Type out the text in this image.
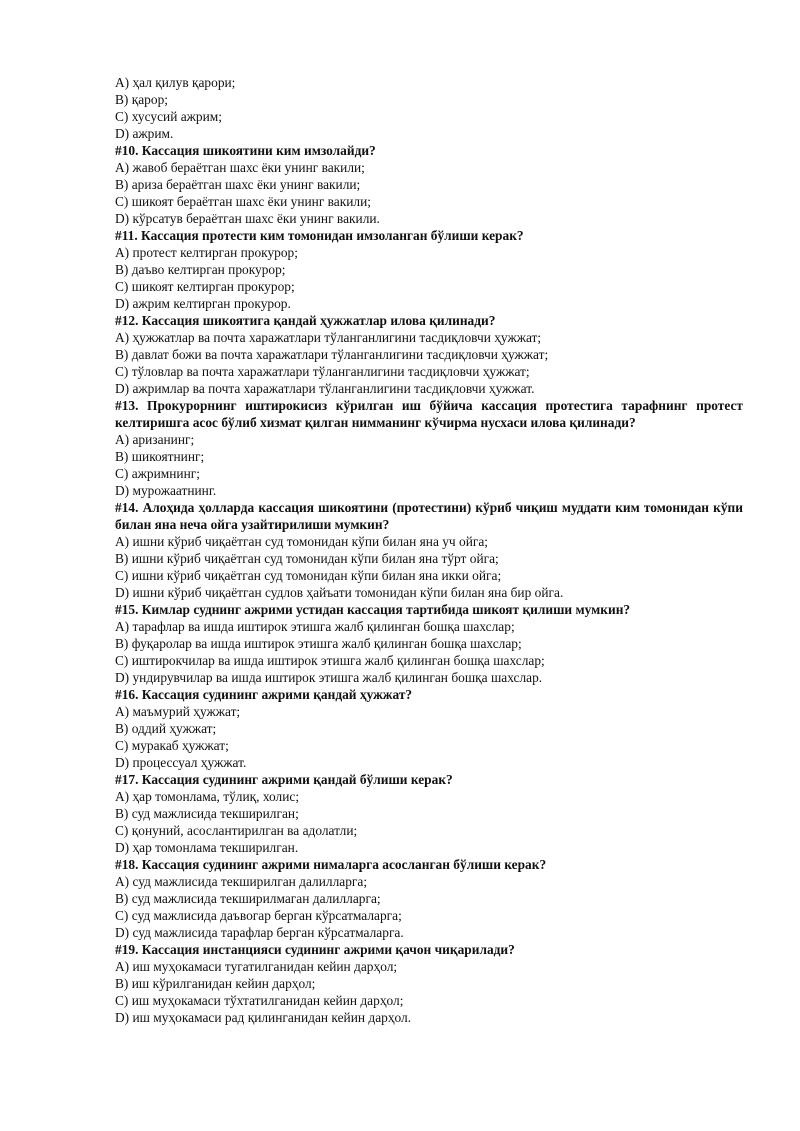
A) ҳал қилув қарори;

B) қарор;

C) хусусий ажрим;

D) ажрим.

#10. Кассация шикоятини ким имзолайди?

A) жавоб бераётган шахс ёки унинг вакили;

B) ариза бераётган шахс ёки унинг вакили;

C) шикоят бераётган шахс ёки унинг вакили;

D) кўрсатув бераётган шахс ёки унинг вакили.

#11. Кассация протести ким томонидан имзоланган бўлиши керак?

A) протест келтирган прокурор;

B) даъво келтирган прокурор;

C) шикоят келтирган прокурор;

D) ажрим келтирган прокурор.

#12. Кассация шикоятига қандай ҳужжатлар илова қилинади?

A) ҳужжатлар ва почта харажатлари тўланганлигини тасдиқловчи ҳужжат;

B) давлат божи ва почта харажатлари тўланганлигини тасдиқловчи ҳужжат;

C) тўловлар ва почта харажатлари тўланганлигини тасдиқловчи ҳужжат;

D) ажримлар ва почта харажатлари тўланганлигини тасдиқловчи ҳужжат.

#13. Прокурорнинг иштирокисиз кўрилган иш бўйича кассация протестига тарафнинг протест келтиришга асос бўлиб хизмат қилган нимманинг кўчирма нусхаси илова қилинади?

A) аризанинг;

B) шикоятнинг;

C) ажримнинг;

D) мурожаатнинг.

#14. Алоҳида ҳолларда кассация шикоятини (протестини) кўриб чиқиш муддати ким томонидан кўпи билан яна неча ойга узайтирилиши мумкин?

A) ишни кўриб чиқаётган суд томонидан кўпи билан яна уч ойга;

B) ишни кўриб чиқаётган суд томонидан кўпи билан яна тўрт ойга;

C) ишни кўриб чиқаётган суд томонидан кўпи билан яна икки ойга;

D) ишни кўриб чиқаётган судлов ҳайъати томонидан кўпи билан яна бир ойга.

#15. Кимлар суднинг ажрими устидан кассация тартибида шикоят қилиши мумкин?

A) тарафлар ва ишда иштирок этишга жалб қилинган бошқа шахслар;

B) фуқаролар ва ишда иштирок этишга жалб қилинган бошқа шахслар;

C) иштирокчилар ва ишда иштирок этишга жалб қилинган бошқа шахслар;

D) ундирувчилар ва ишда иштирок этишга жалб қилинган бошқа шахслар.

#16. Кассация судининг ажрими қандай ҳужжат?

A) маъмурий ҳужжат;

B) оддий ҳужжат;

C) муракаб ҳужжат;

D) процессуал ҳужжат.

#17. Кассация судининг ажрими қандай бўлиши керак?

A) ҳар томонлама, тўлиқ, холис;

B) суд мажлисида текширилган;

C) қонуний, асослантирилган ва адолатли;

D) ҳар томонлама текширилган.

#18. Кассация судининг ажрими нималарга асосланган бўлиши керак?

A) суд мажлисида текширилган далилларга;

B) суд мажлисида текширилмаган далилларга;

C) суд мажлисида даъвогар берган кўрсатмаларга;

D) суд мажлисида тарафлар берган кўрсатмаларга.

#19. Кассация инстанцияси судининг ажрими қачон чиқарилади?

A) иш муҳокамаси тугатилганидан кейин дарҳол;

B) иш кўрилганидан кейин дарҳол;

C) иш муҳокамаси тўхтатилганидан кейин дарҳол;

D) иш муҳокамаси рад қилинганидан кейин дарҳол.
